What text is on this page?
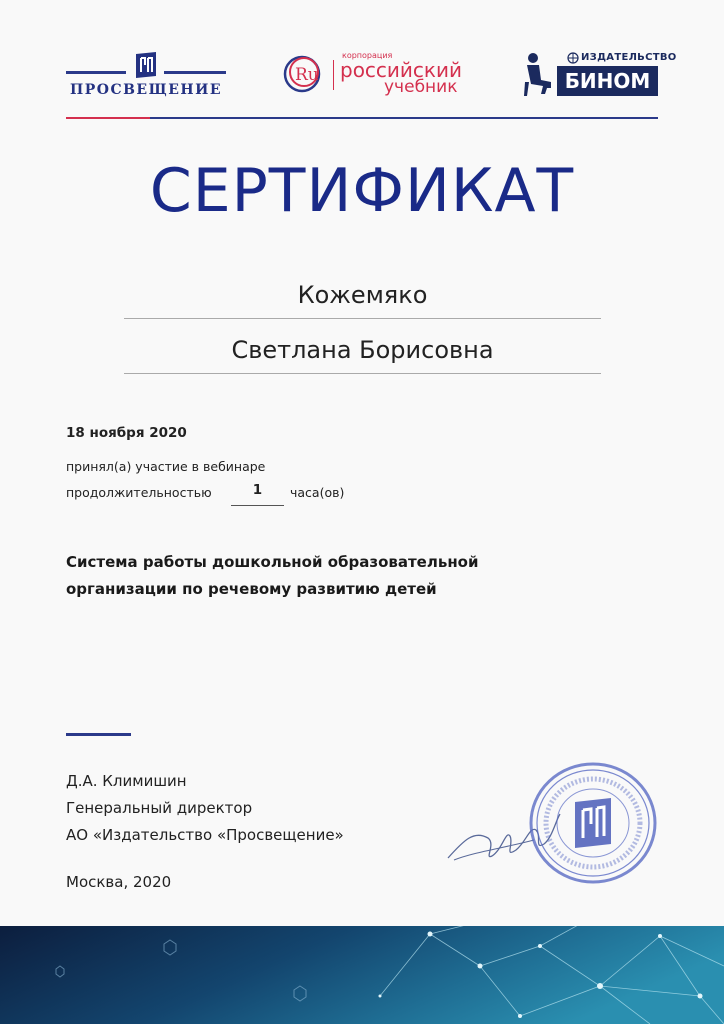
ПРОСВЕЩЕНИЕ
Ru
корпорация
российский
учебник
ИЗДАТЕЛЬСТВО
БИНОМ
СЕРТИФИКАТ
Кожемяко
Светлана Борисовна
18 ноября 2020
принял(а) участие в вебинаре
продолжительностью	1	часа(ов)
Система работы дошкольной образовательной
организации по речевому развитию детей
Д.А. Климишин
Генеральный директор
АО «Издательство «Просвещение»
Москва, 2020
